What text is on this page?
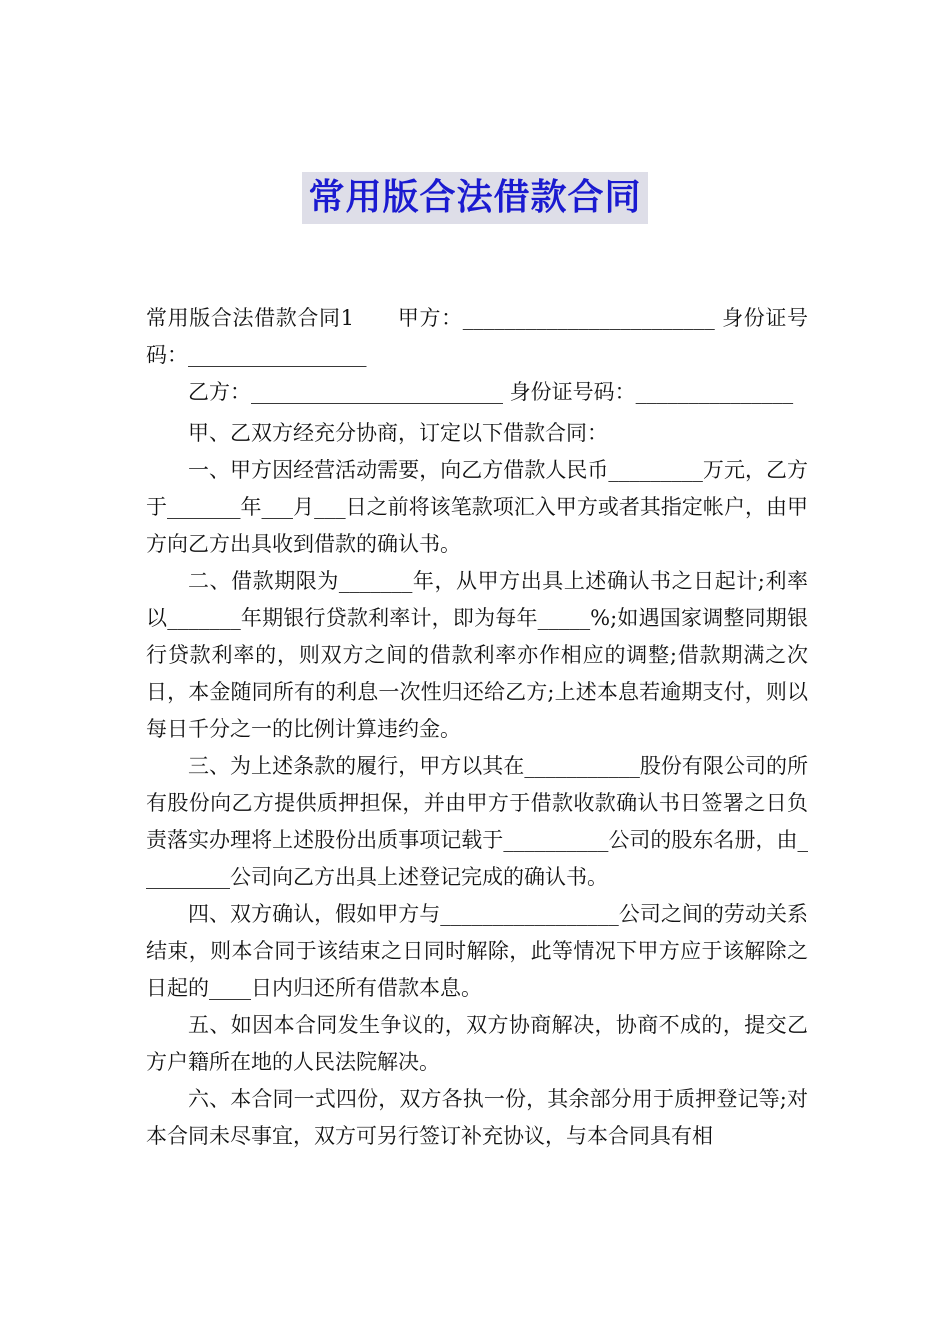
常用版合法借款合同

常用版合法借款合同1　　甲方：________________________ 身份证号码：_________________

乙方：________________________ 身份证号码：_______________

甲、乙双方经充分协商，订定以下借款合同：

一、甲方因经营活动需要，向乙方借款人民币_________万元，乙方于_______年___月___日之前将该笔款项汇入甲方或者其指定帐户，由甲方向乙方出具收到借款的确认书。

二、借款期限为_______年，从甲方出具上述确认书之日起计;利率以_______年期银行贷款利率计，即为每年_____%;如遇国家调整同期银行贷款利率的，则双方之间的借款利率亦作相应的调整;借款期满之次日，本金随同所有的利息一次性归还给乙方;上述本息若逾期支付，则以每日千分之一的比例计算违约金。

三、为上述条款的履行，甲方以其在___________股份有限公司的所有股份向乙方提供质押担保，并由甲方于借款收款确认书日签署之日负责落实办理将上述股份出质事项记载于__________公司的股东名册，由_________公司向乙方出具上述登记完成的确认书。

四、双方确认，假如甲方与_________________公司之间的劳动关系结束，则本合同于该结束之日同时解除，此等情况下甲方应于该解除之日起的____日内归还所有借款本息。

五、如因本合同发生争议的，双方协商解决，协商不成的，提交乙方户籍所在地的人民法院解决。

六、本合同一式四份，双方各执一份，其余部分用于质押登记等;对本合同未尽事宜，双方可另行签订补充协议，与本合同具有相
